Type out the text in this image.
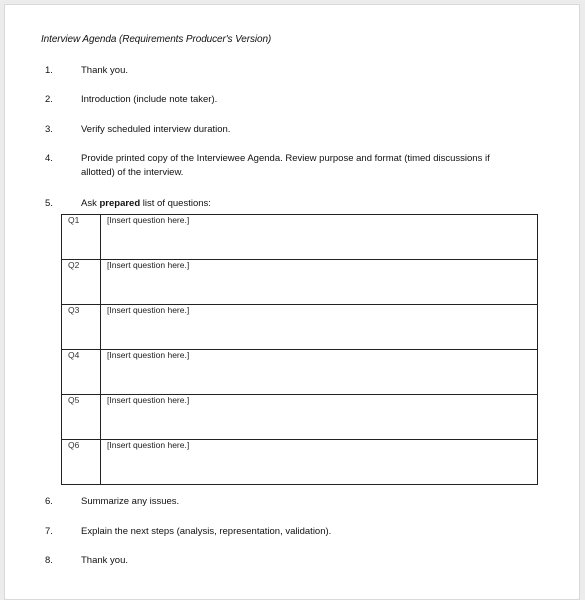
Interview Agenda (Requirements Producer's Version)
1.	Thank you.
2.	Introduction (include note taker).
3.	Verify scheduled interview duration.
4.	Provide printed copy of the Interviewee Agenda. Review purpose and format (timed discussions if allotted) of the interview.
5.	Ask prepared list of questions:
Q1	[Insert question here.]
Q2	[Insert question here.]
Q3	[Insert question here.]
Q4	[Insert question here.]
Q5	[Insert question here.]
Q6	[Insert question here.]
6.	Summarize any issues.
7.	Explain the next steps (analysis, representation, validation).
8.	Thank you.
